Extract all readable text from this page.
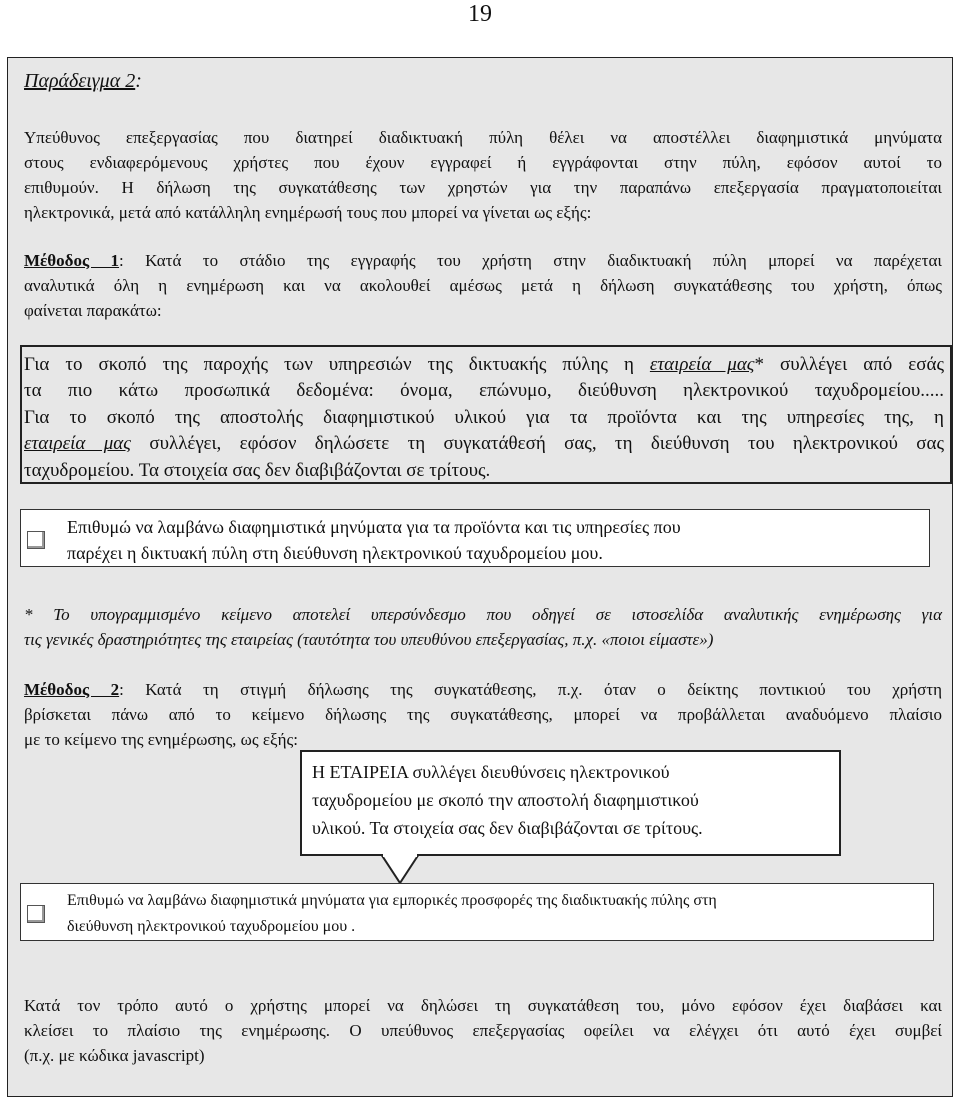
19
Παράδειγμα 2:
Υπεύθυνος επεξεργασίας που διατηρεί διαδικτυακή πύλη θέλει να αποστέλλει διαφημιστικά μηνύματα
στους ενδιαφερόμενους χρήστες που έχουν εγγραφεί ή εγγράφονται στην πύλη, εφόσον αυτοί το
επιθυμούν. Η δήλωση της συγκατάθεσης των χρηστών για την παραπάνω επεξεργασία πραγματοποιείται
ηλεκτρονικά, μετά από κατάλληλη ενημέρωσή τους που μπορεί να γίνεται ως εξής:
Μέθοδος 1: Κατά το στάδιο της εγγραφής του χρήστη στην διαδικτυακή πύλη μπορεί να παρέχεται
αναλυτικά όλη η ενημέρωση και να ακολουθεί αμέσως μετά η δήλωση συγκατάθεσης του χρήστη, όπως
φαίνεται παρακάτω:
Για το σκοπό της παροχής των υπηρεσιών της δικτυακής πύλης η εταιρεία μας* συλλέγει από εσάς
τα πιο κάτω προσωπικά δεδομένα: όνομα, επώνυμο, διεύθυνση ηλεκτρονικού ταχυδρομείου.....
Για το σκοπό της αποστολής διαφημιστικού υλικού για τα προϊόντα και της υπηρεσίες της, η
εταιρεία μας συλλέγει, εφόσον δηλώσετε τη συγκατάθεσή σας, τη διεύθυνση του ηλεκτρονικού σας
ταχυδρομείου. Τα στοιχεία σας δεν διαβιβάζονται σε τρίτους.
Επιθυμώ να λαμβάνω διαφημιστικά μηνύματα για τα προϊόντα και τις υπηρεσίες που
παρέχει η δικτυακή πύλη στη διεύθυνση ηλεκτρονικού ταχυδρομείου μου.
* Το υπογραμμισμένο κείμενο αποτελεί υπερσύνδεσμο που οδηγεί σε ιστοσελίδα αναλυτικής ενημέρωσης για
τις γενικές δραστηριότητες της εταιρείας (ταυτότητα του υπευθύνου επεξεργασίας, π.χ. «ποιοι είμαστε»)
Μέθοδος 2: Κατά τη στιγμή δήλωσης της συγκατάθεσης, π.χ. όταν ο δείκτης ποντικιού του χρήστη
βρίσκεται πάνω από το κείμενο δήλωσης της συγκατάθεσης, μπορεί να προβάλλεται αναδυόμενο πλαίσιο
με το κείμενο της ενημέρωσης, ως εξής:
Η ΕΤΑΙΡΕΙΑ συλλέγει διευθύνσεις ηλεκτρονικού
ταχυδρομείου με σκοπό την αποστολή διαφημιστικού
υλικού. Τα στοιχεία σας δεν διαβιβάζονται σε τρίτους.
Επιθυμώ να λαμβάνω διαφημιστικά μηνύματα για εμπορικές προσφορές της διαδικτυακής πύλης στη
διεύθυνση ηλεκτρονικού ταχυδρομείου μου .
Κατά τον τρόπο αυτό ο χρήστης μπορεί να δηλώσει τη συγκατάθεση του, μόνο εφόσον έχει διαβάσει και
κλείσει το πλαίσιο της ενημέρωσης. Ο υπεύθυνος επεξεργασίας οφείλει να ελέγχει ότι αυτό έχει συμβεί
(π.χ. με κώδικα javascript)
